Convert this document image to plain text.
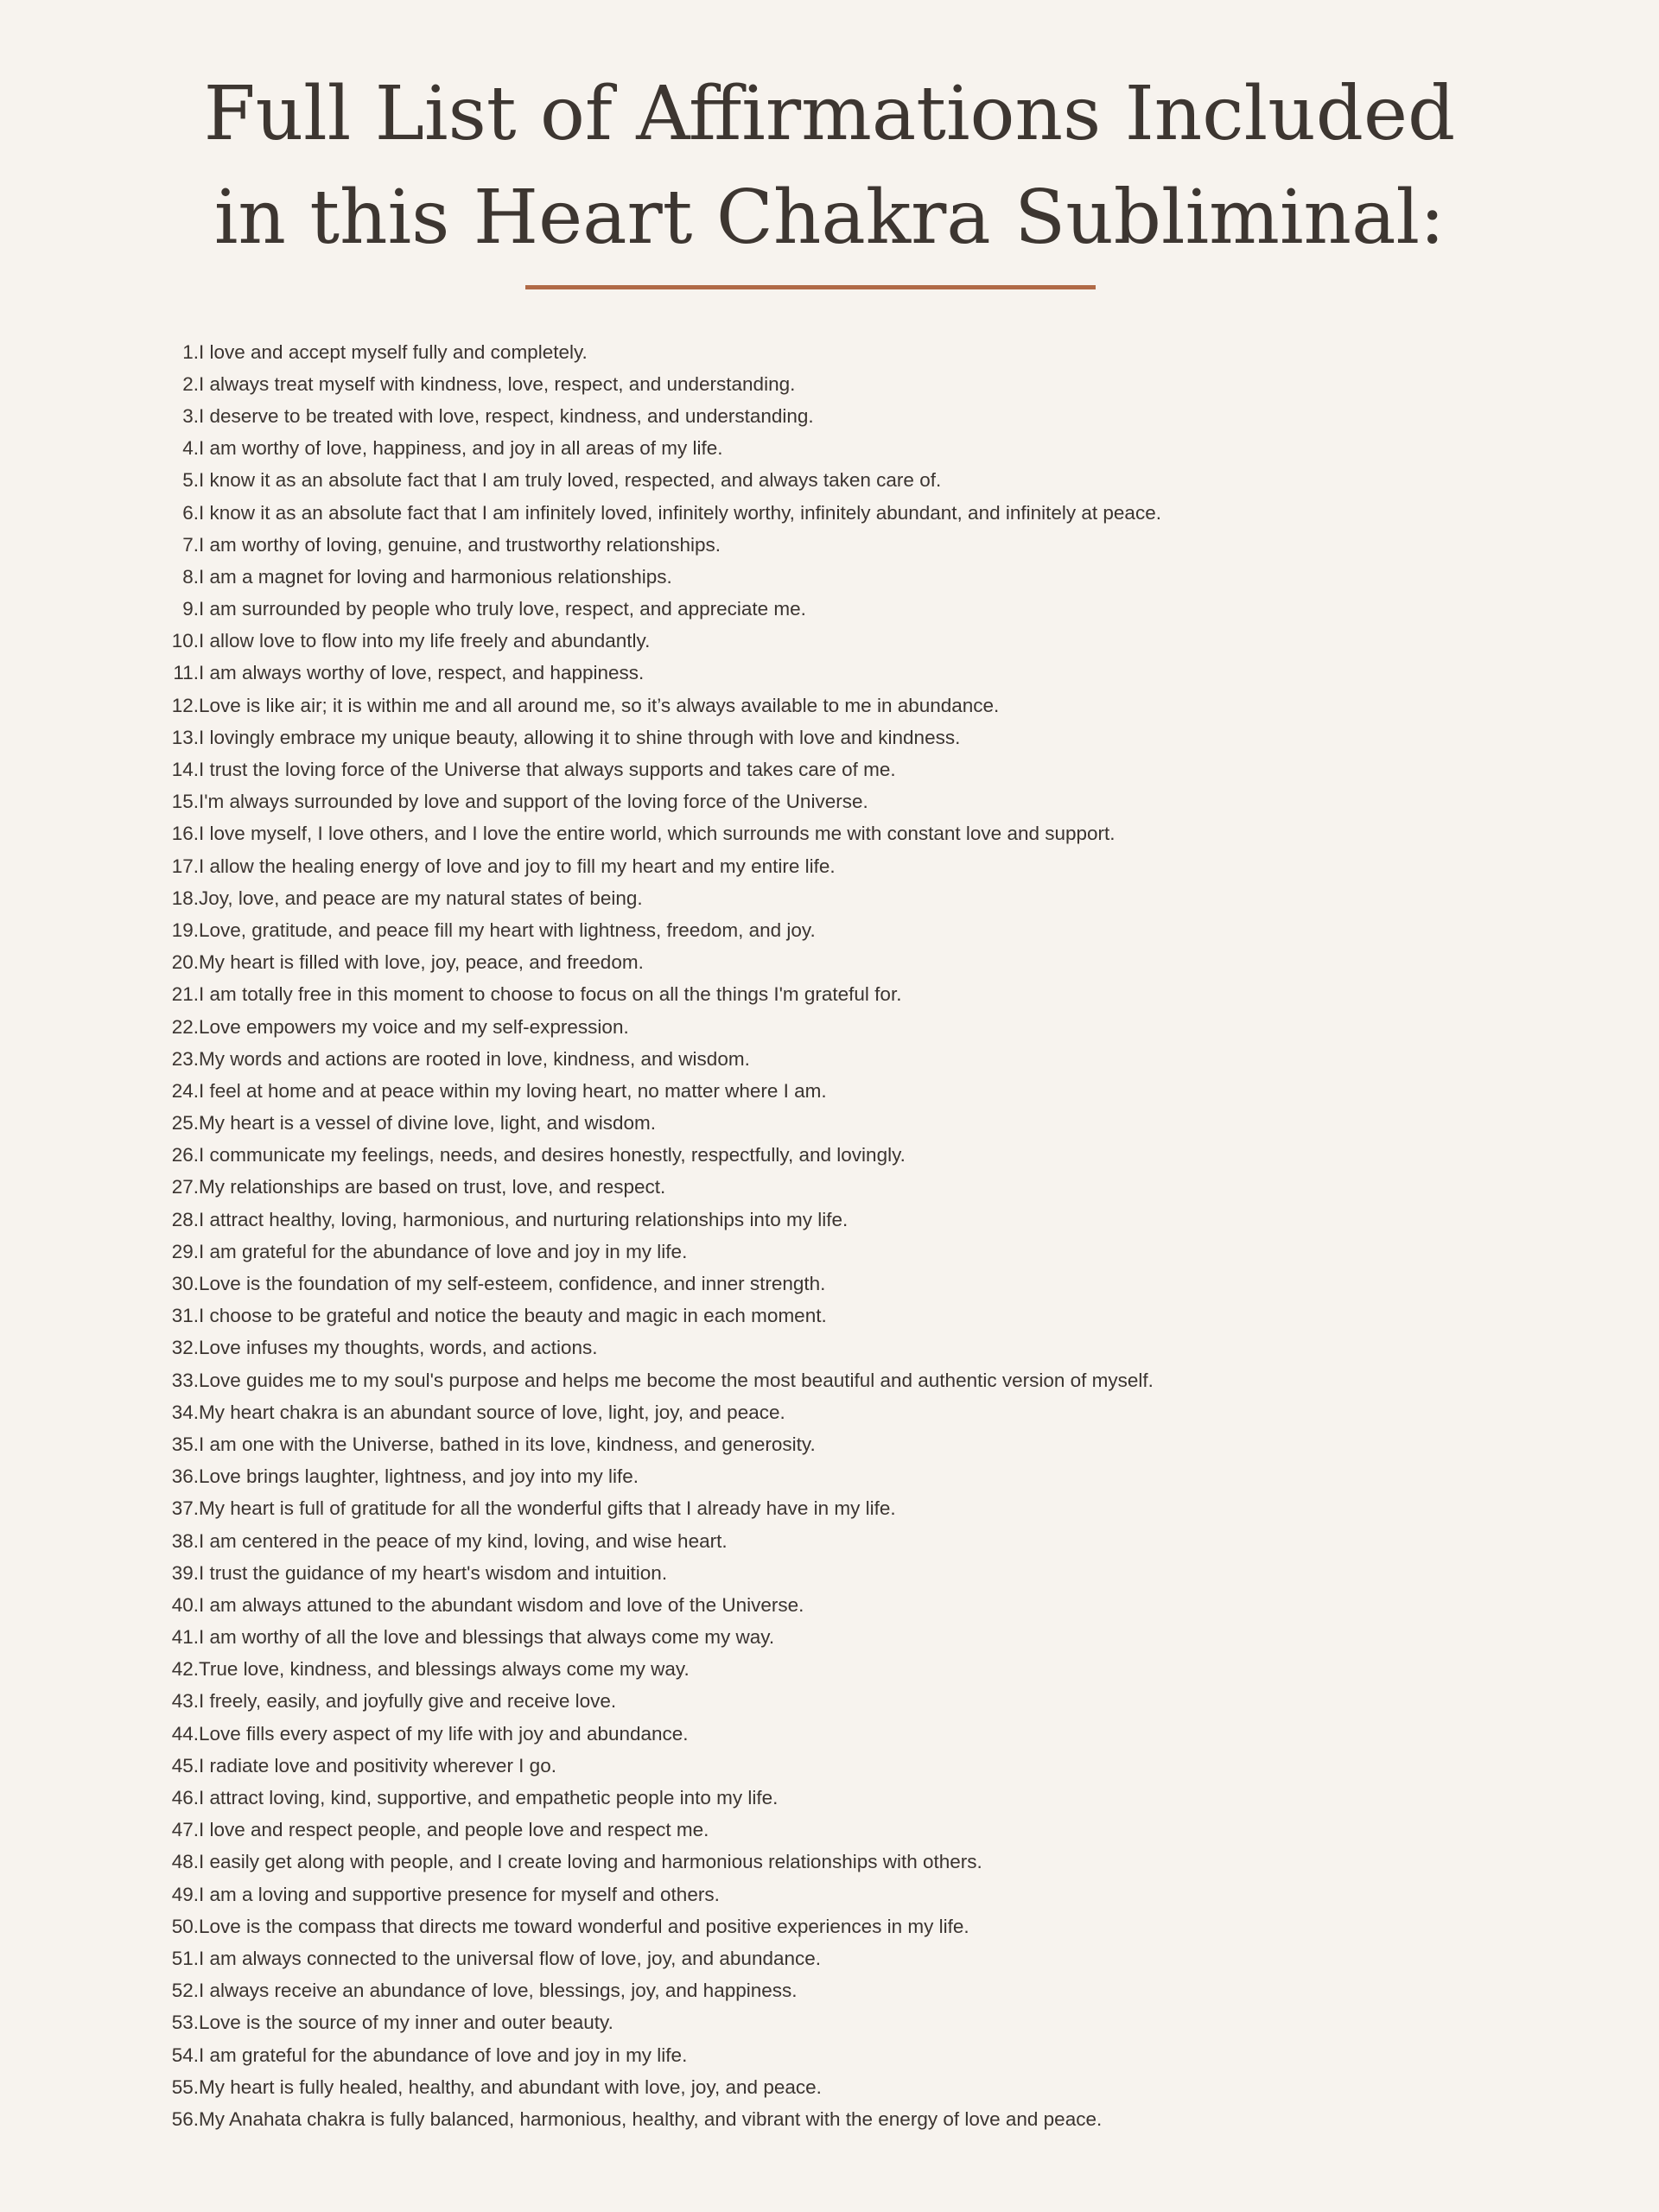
Full List of Affirmations Included
in this Heart Chakra Subliminal:
1. I love and accept myself fully and completely.
2. I always treat myself with kindness, love, respect, and understanding.
3. I deserve to be treated with love, respect, kindness, and understanding.
4. I am worthy of love, happiness, and joy in all areas of my life.
5. I know it as an absolute fact that I am truly loved, respected, and always taken care of.
6. I know it as an absolute fact that I am infinitely loved, infinitely worthy, infinitely abundant, and infinitely at peace.
7. I am worthy of loving, genuine, and trustworthy relationships.
8. I am a magnet for loving and harmonious relationships.
9. I am surrounded by people who truly love, respect, and appreciate me.
10. I allow love to flow into my life freely and abundantly.
11. I am always worthy of love, respect, and happiness.
12. Love is like air; it is within me and all around me, so it’s always available to me in abundance.
13. I lovingly embrace my unique beauty, allowing it to shine through with love and kindness.
14. I trust the loving force of the Universe that always supports and takes care of me.
15. I'm always surrounded by love and support of the loving force of the Universe.
16. I love myself, I love others, and I love the entire world, which surrounds me with constant love and support.
17. I allow the healing energy of love and joy to fill my heart and my entire life.
18. Joy, love, and peace are my natural states of being.
19. Love, gratitude, and peace fill my heart with lightness, freedom, and joy.
20. My heart is filled with love, joy, peace, and freedom.
21. I am totally free in this moment to choose to focus on all the things I'm grateful for.
22. Love empowers my voice and my self-expression.
23. My words and actions are rooted in love, kindness, and wisdom.
24. I feel at home and at peace within my loving heart, no matter where I am.
25. My heart is a vessel of divine love, light, and wisdom.
26. I communicate my feelings, needs, and desires honestly, respectfully, and lovingly.
27. My relationships are based on trust, love, and respect.
28. I attract healthy, loving, harmonious, and nurturing relationships into my life.
29. I am grateful for the abundance of love and joy in my life.
30. Love is the foundation of my self-esteem, confidence, and inner strength.
31. I choose to be grateful and notice the beauty and magic in each moment.
32. Love infuses my thoughts, words, and actions.
33. Love guides me to my soul's purpose and helps me become the most beautiful and authentic version of myself.
34. My heart chakra is an abundant source of love, light, joy, and peace.
35. I am one with the Universe, bathed in its love, kindness, and generosity.
36. Love brings laughter, lightness, and joy into my life.
37. My heart is full of gratitude for all the wonderful gifts that I already have in my life.
38. I am centered in the peace of my kind, loving, and wise heart.
39. I trust the guidance of my heart's wisdom and intuition.
40. I am always attuned to the abundant wisdom and love of the Universe.
41. I am worthy of all the love and blessings that always come my way.
42. True love, kindness, and blessings always come my way.
43. I freely, easily, and joyfully give and receive love.
44. Love fills every aspect of my life with joy and abundance.
45. I radiate love and positivity wherever I go.
46. I attract loving, kind, supportive, and empathetic people into my life.
47. I love and respect people, and people love and respect me.
48. I easily get along with people, and I create loving and harmonious relationships with others.
49. I am a loving and supportive presence for myself and others.
50. Love is the compass that directs me toward wonderful and positive experiences in my life.
51. I am always connected to the universal flow of love, joy, and abundance.
52. I always receive an abundance of love, blessings, joy, and happiness.
53. Love is the source of my inner and outer beauty.
54. I am grateful for the abundance of love and joy in my life.
55. My heart is fully healed, healthy, and abundant with love, joy, and peace.
56. My Anahata chakra is fully balanced, harmonious, healthy, and vibrant with the energy of love and peace.
